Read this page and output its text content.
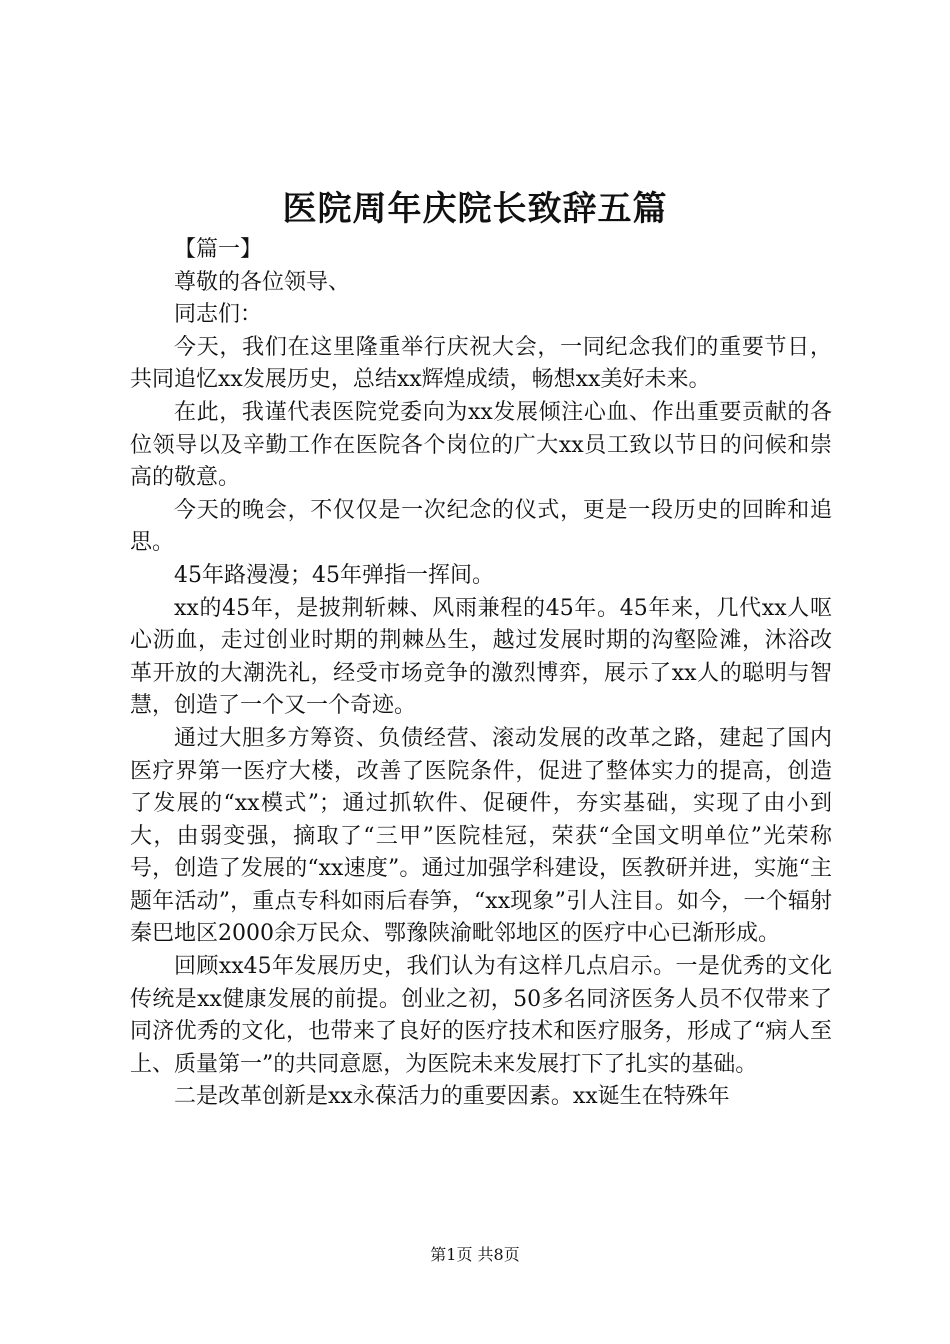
医院周年庆院长致辞五篇

【篇一】

尊敬的各位领导、

同志们：

今天，我们在这里隆重举行庆祝大会，一同纪念我们的重要节日，共同追忆xx发展历史，总结xx辉煌成绩，畅想xx美好未来。

在此，我谨代表医院党委向为xx发展倾注心血、作出重要贡献的各位领导以及辛勤工作在医院各个岗位的广大xx员工致以节日的问候和崇高的敬意。

今天的晚会，不仅仅是一次纪念的仪式，更是一段历史的回眸和追思。

45年路漫漫；45年弹指一挥间。

xx的45年，是披荆斩棘、风雨兼程的45年。45年来，几代xx人呕心沥血，走过创业时期的荆棘丛生，越过发展时期的沟壑险滩，沐浴改革开放的大潮洗礼，经受市场竞争的激烈博弈，展示了xx人的聪明与智慧，创造了一个又一个奇迹。

通过大胆多方筹资、负债经营、滚动发展的改革之路，建起了国内医疗界第一医疗大楼，改善了医院条件，促进了整体实力的提高，创造了发展的“xx模式”；通过抓软件、促硬件，夯实基础，实现了由小到大，由弱变强，摘取了“三甲”医院桂冠，荣获“全国文明单位”光荣称号，创造了发展的“xx速度”。通过加强学科建设，医教研并进，实施“主题年活动”，重点专科如雨后春笋，“xx现象”引人注目。如今，一个辐射秦巴地区2000余万民众、鄂豫陕渝毗邻地区的医疗中心已渐形成。

回顾xx45年发展历史，我们认为有这样几点启示。一是优秀的文化传统是xx健康发展的前提。创业之初，50多名同济医务人员不仅带来了同济优秀的文化，也带来了良好的医疗技术和医疗服务，形成了“病人至上、质量第一”的共同意愿，为医院未来发展打下了扎实的基础。

二是改革创新是xx永葆活力的重要因素。xx诞生在特殊年

第1页 共8页
